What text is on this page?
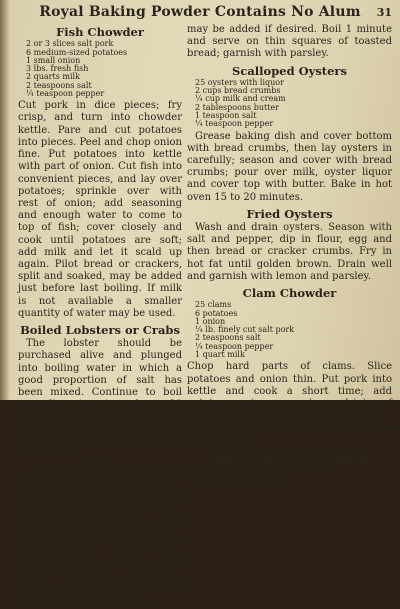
Royal Baking Powder Contains No Alum	31
Fish Chowder
2 or 3 slices salt pork
6 medium-sized potatoes
1 small onion
3 lbs. fresh fish
2 quarts milk
2 teaspoons salt
¼ teaspoon pepper

Cut pork in dice pieces; fry crisp, and turn into chowder kettle. Pare and cut potatoes into pieces. Peel and chop onion fine. Put potatoes into kettle with part of onion. Cut fish into convenient pieces, and lay over potatoes; sprinkle over with rest of onion; add seasoning and enough water to come to top of fish; cover closely and cook until potatoes are soft; add milk and let it scald up again. Pilot bread or crackers, split and soaked, may be added just before last boiling. If milk is not available a smaller quantity of water may be used.

Boiled Lobsters or Crabs

The lobster should be purchased alive and plunged into boiling water in which a good proportion of salt has been mixed. Continue to boil according to size about 20 minutes. Crabs should be boiled in the same manner, but only a little more than half the time is necessary.

To open a boiled lobster, wipe off shell, break off large claws; separate tail from body; take body from shell, leaving "lady" or stomach, on shell. Save green fat and coral; remove small claws; remove woolly gills and discard, break body through middle and pick out meat from joints. Cut with sharp scissors through length of under side of tail, draw

may be added if desired. Boil 1 minute and serve on thin squares of toasted bread; garnish with parsley.

Scalloped Oysters
25 oysters with liquor
2 cups bread crumbs
¼ cup milk and cream
2 tablespoons butter
1 teaspoon salt
¼ teaspoon pepper

Grease baking dish and cover bottom with bread crumbs, then lay oysters in carefully; season and cover with bread crumbs; pour over milk, oyster liquor and cover top with butter. Bake in hot oven 15 to 20 minutes.

Fried Oysters

Wash and drain oysters. Season with salt and pepper, dip in flour, egg and then bread or cracker crumbs. Fry in hot fat until golden brown. Drain well and garnish with lemon and parsley.

Clam Chowder
25 clams
6 potatoes
1 onion
¼ lb. finely cut salt pork
2 teaspoons salt
¼ teaspoon pepper
1 quart milk

Chop hard parts of clams. Slice potatoes and onion thin. Put pork into kettle and cook a short time; add potatoes, onion, seasoning and juice of clams. Cook 2½ hours; then add clams. Boil 15 minutes and just before serving add hot milk.

Shell Fish a la Newburg
2 cups finely cut shrimp, scallops,
lobster, or crab meat
2 tablespoons butter
